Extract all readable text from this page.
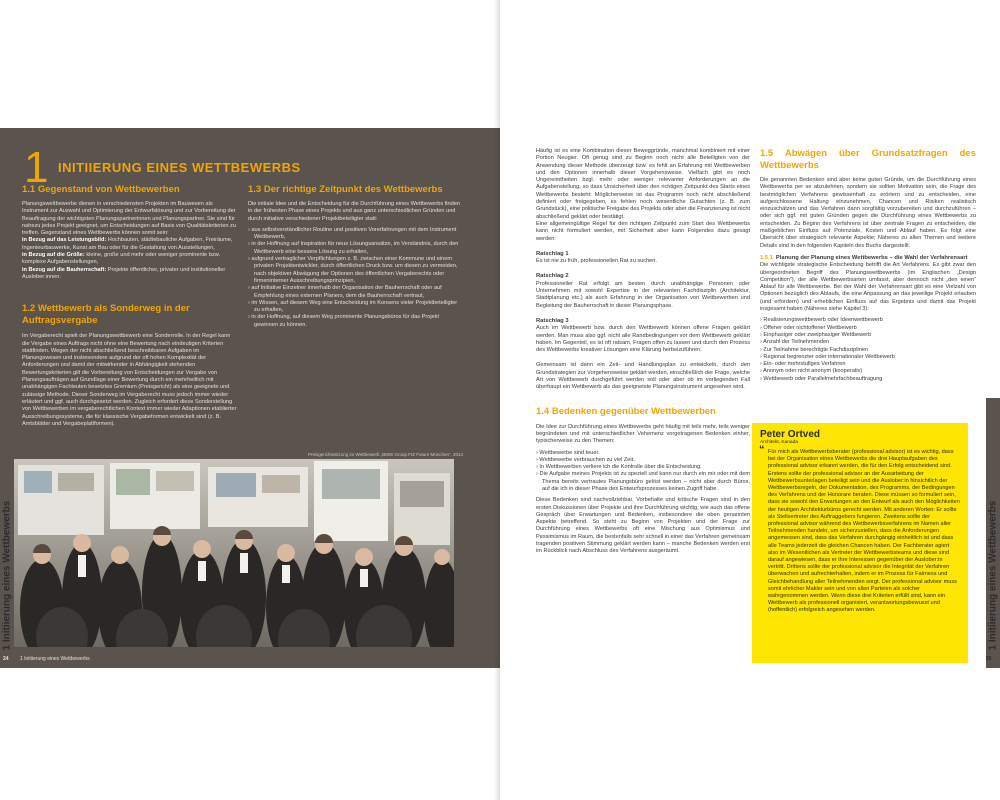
1 INITIIERUNG EINES WETTBEWERBS
1.1 Gegenstand von Wettbewerben

Planungswettbewerbe dienen in verschiedensten Projekten im Bauwesen als Instrument zur Auswahl und Optimierung der Entwurfslösung und zur Vorbereitung der Beauftragung der wichtigsten Planungspartnerinnen und Planungspartner. Sie sind für nahezu jedes Projekt geeignet, um Entscheidungen auf Basis von Qualitätskriterien zu treffen. Gegenstand eines Wettbewerbs können somit sein:

in Bezug auf das Leistungsbild: Hochbauten, städtebauliche Aufgaben, Freiräume, Ingenieurbauwerke, Kunst am Bau oder für die Gestaltung von Ausstellungen,

in Bezug auf die Größe: kleine, große und mehr oder weniger prominente bzw. komplexe Aufgabenstellungen,

in Bezug auf die Bauherrschaft: Projekte öffentlicher, privater und institutioneller Auslober:innen.

1.2 Wettbewerb als Sonderweg in der Auftragsvergabe

Im Vergaberecht spielt der Planungswettbewerb eine Sonderrolle. In der Regel kann die Vergabe eines Auftrags nicht ohne eine Bewertung nach eindeutigen Kriterien stattfinden. Wegen der nicht abschließend beschreibbaren Aufgaben im Planungswesen und insbesondere aufgrund der oft hohen Komplexität der Anforderungen und damit der mitwirkender in Abhängigkeit stehenden Bewertungskriterien gilt die Vorbereitung von Entscheidungen zur Vergabe von Planungsaufträgen auf Grundlage einer Bewertung durch ein mehrheitlich mit unabhängigen Fachleuten besetztes Gremium (Preisgericht) als eine geeignete und zulässige Methode. Dieser Sonderweg im Vergaberecht muss jedoch immer wieder erläutert und ggf. auch durchgesetzt werden. Zugleich erfordert diese Sonderstellung von Wettbewerben im vergaberechtlichen Kontext immer wieder Adaptionen etablierter Ausschreibungssysteme, die für klassische Vergabeformen entwickelt sind (z. B. Amtsblätter und Vergabeplattformen).

1.3 Der richtige Zeitpunkt des Wettbewerbs

Die initiale Idee und die Entscheidung für die Durchführung eines Wettbewerbs finden in der frühesten Phase eines Projekts und aus ganz unterschiedlichen Gründen und durch initiative verschiedener Projektbeteiligter statt:

› aus selbstverständlicher Routine und positiven Vorerfahrungen mit dem Instrument Wettbewerb,
› in der Hoffnung auf Inspiration für neue Lösungsansätze, im Verständnis, durch den Wettbewerb eine bessere Lösung zu erhalten,
› aufgrund vertraglicher Verpflichtungen z. B. zwischen einer Kommune und einem privaten Projektentwickler, durch öffentlichen Druck bzw. um diesen zu vermeiden, nach objektiver Abwägung der Optionen des öffentlichen Vergaberechts oder firmeninterner Ausschreibungsprinzipien,
› auf Initiative Einzelner innerhalb der Organisation der Bauherrschaft oder auf Empfehlung eines externen Planers, dem die Bauherrschaft vertraut,
› im Wissen, auf diesem Weg eine Entscheidung im Konsens vieler Projektbeteiligter zu erhalten,
› in der Hoffnung, auf diesem Weg prominente Planungsbüros für das Projekt gewinnen zu können.
Preisgerichtssitzung im Wettbewerb „BMW Group FIZ Future München“, 2014
1 Initiierung eines Wettbewerbs
24 1 Initiierung eines Wettbewerbs

Häufig ist es eine Kombination dieser Beweggründe, manchmal kombiniert mit einer Portion Neugier. Oft genug sind zu Beginn noch nicht alle Beteiligten von der Anwendung dieser Methode überzeugt bzw. es fehlt an Erfahrung mit Wettbewerben und den Optionen innerhalb dieser Vorgehensweise. Vielfach gibt es noch Ungereimtheiten bzgl. mehr oder weniger relevanter Anforderungen an die Aufgabenstellung, so dass Unsicherheit über den richtigen Zeitpunkt des Starts eines Wettbewerbs besteht: Möglicherweise ist das Programm noch nicht abschließend definiert oder freigegeben, es fehlen noch wesentliche Gutachten (z. B. zum Grundstück), eine politische Freigabe des Projekts oder aber die Finanzierung ist nicht abschließend geklärt oder bestätigt.

Eine allgemeingültige Regel für den richtigen Zeitpunkt zum Start des Wettbewerbs kann nicht formuliert werden, mit Sicherheit aber kann Folgendes dazu gesagt werden:

Ratschlag 1

Es ist nie zu früh, professionellen Rat zu suchen.

Ratschlag 2

Professioneller Rat erfolgt am besten durch unabhängige Personen oder Unternehmen mit sowohl Expertise in der relevanten Fachdisziplin (Architektur, Stadtplanung etc.) als auch Erfahrung in der Organisation von Wettbewerben und Begleitung der Bauherrschaft in dieser Planungsphase.

Ratschlag 3

Auch im Wettbewerb bzw. durch den Wettbewerb können offene Fragen geklärt werden. Man muss also ggf. nicht alle Randbedingungen vor dem Wettbewerb geklärt haben. Im Gegenteil, es ist oft ratsam, Fragen offen zu lassen und durch den Prozess des Wettbewerbs kreativer Lösungen eine Klärung herbeizuführen.

Gemeinsam ist dann ein Zeit- und Handlungsplan zu entwickeln, durch den Grundstrategien zur Vorgehensweise geklärt werden, einschließlich der Frage, welche Art von Wettbewerb durchgeführt werden soll oder aber ob im vorliegenden Fall überhaupt ein Wettbewerb als das geeignetste Planungsinstrument angesehen wird.

1.4 Bedenken gegenüber Wettbewerben

Die Idee zur Durchführung eines Wettbewerbs geht häufig mit teils mehr, teils weniger begründeten und mit unterschiedlicher Vehemenz vorgetragenen Bedenken einher, typischerweise zu den Themen:

› Wettbewerbe sind teuer.
› Wettbewerbe verbrauchen zu viel Zeit.
› In Wettbewerben verliere ich die Kontrolle über die Entscheidung.
› Die Aufgabe meines Projekts ist zu speziell und kann nur durch ein mir oder mit dem Thema bereits vertrautes Planungsbüro gelöst werden – nicht aber durch Büros, auf die ich in dieser Phase des Entwurfsprozesses keinen Zugriff habe.

Diese Bedenken sind nachvollziehbar. Vorbehalte und kritische Fragen sind in den ersten Diskussionen über Projekte und ihre Durchführung wichtig, wie auch das offene Gespräch über Erwartungen und Bedenken, insbesondere die oben genannten Aspekte betreffend. So steht zu Beginn von Projekten und der Frage zur Durchführung eines Wettbewerbs oft eine Mischung aus Optimismus und Pessimismus im Raum, die bestenfalls sehr schnell in einer das Verfahren gemeinsam tragenden positiven Stimmung geklärt werden kann – manche Bedenken werden erst im Rückblick nach Abschluss des Verfahrens ausgeräumt.

1.5 Abwägen über Grundsatzfragen des Wettbewerbs

Die genannten Bedenken sind aber keine guten Gründe, um die Durchführung eines Wettbewerbs per se abzulehnen, sondern sie sollten Motivation sein, die Frage des bestmöglichen Verfahrens gewissenhaft zu erörtern und zu entscheiden, eine aufgeschlossene Haltung einzunehmen, Chancen und Risiken realistisch einzuschätzen und das Verfahren dann sorgfältig vorzubereiten und durchzuführen – oder sich ggf. mit guten Gründen gegen die Durchführung eines Wettbewerbs zu entscheiden. Zu Beginn des Verfahrens ist über zentrale Fragen zu entscheiden, die maßgeblichen Einfluss auf Potenziale, Kosten und Ablauf haben. Es folgt eine Übersicht über strategisch relevante Aspekte; Näheres zu allen Themen und weitere Details sind in den folgenden Kapiteln des Buchs dargestellt.

1.5.1 Planung der Planung eines Wettbewerbs – die Wahl der Verfahrensart

Die wichtigste strategische Entscheidung betrifft die Art Verfahrens. Es gibt zwar den übergeordneten Begriff des Planungswettbewerbs (im Englischen „Design Competition“), der alle Wettbewerbsarten umfasst, aber dennoch nicht „den einen“ Ablauf für alle Wettbewerbe. Bei der Wahl der Verfahrensart gibt es eine Vielzahl von Optionen bezüglich des Ablaufs, die eine Anpassung an das jeweilige Projekt erlauben (und erfordern) und erheblichen Einfluss auf das Ergebnis und damit das Projekt insgesamt haben (Näheres siehe Kapitel 3):

› Realisierungswettbewerb oder Ideenwettbewerb
› Offener oder nichtoffener Wettbewerb
› Einphasiger oder zweiphasiger Wettbewerb
› Anzahl der Teilnehmenden
› Zur Teilnahme berechtigte Fachdisziplinen
› Regional begrenzter oder internationaler Wettbewerb
› Ein- oder mehrstufiges Verfahren
› Anonym oder nicht anonym (kooperativ)
› Wettbewerb oder Parallelmehrfachbeauftragung
Peter Ortved
Architekt, Kanada
“ Für mich als Wettbewerbsberater (professional advisor) ist es wichtig, dass bei der Organisation eines Wettbewerbs die drei Hauptaufgaben des professional advisor erkannt werden, die für den Erfolg entscheidend sind. Erstens sollte der professional advisor an der Ausarbeitung der Wettbewerbsunterlagen beteiligt sein und die Auslober:in hinsichtlich der Wettbewerbsregeln, der Dokumentation, des Programms, der Bedingungen des Verfahrens und der Honorare beraten. Diese müssen so formuliert sein, dass sie sowohl den Erwartungen an den Entwurf als auch den Möglichkeiten der heutigen Architekturbüros gerecht werden. Mit anderen Worten: Er sollte als Stellvertreter des Auftraggebers fungieren. Zweitens sollte der professional advisor während des Wettbewerbsverfahrens im Namen aller Teilnehmenden handeln, um sicherzustellen, dass die Anforderungen angemessen sind, dass das Verfahren durchgängig einheitlich ist und dass alle Teams jederzeit die gleichen Chancen haben. Der Fachberater agiert also im Wesentlichen als Vertreter der Wettbewerbsteams und diese sind darauf angewiesen, dass er ihre Interessen gegenüber der Auslober:in vertritt. Drittens sollte der professional advisor die Integrität der Verfahren überwachen und aufrechterhalten, indem er im Prozess für Fairness und Gleichbehandlung aller Teilnehmenden sorgt. Der professional advisor muss somit ehrlicher Makler sein und von allen Parteien als solcher wahrgenommen werden. Wenn diese drei Kriterien erfüllt sind, kann ein Wettbewerb als professionell organisiert, verantwortungsbewusst und (hoffentlich) erfolgreich angesehen werden.	1 Initiierung eines Wettbewerbs
25
